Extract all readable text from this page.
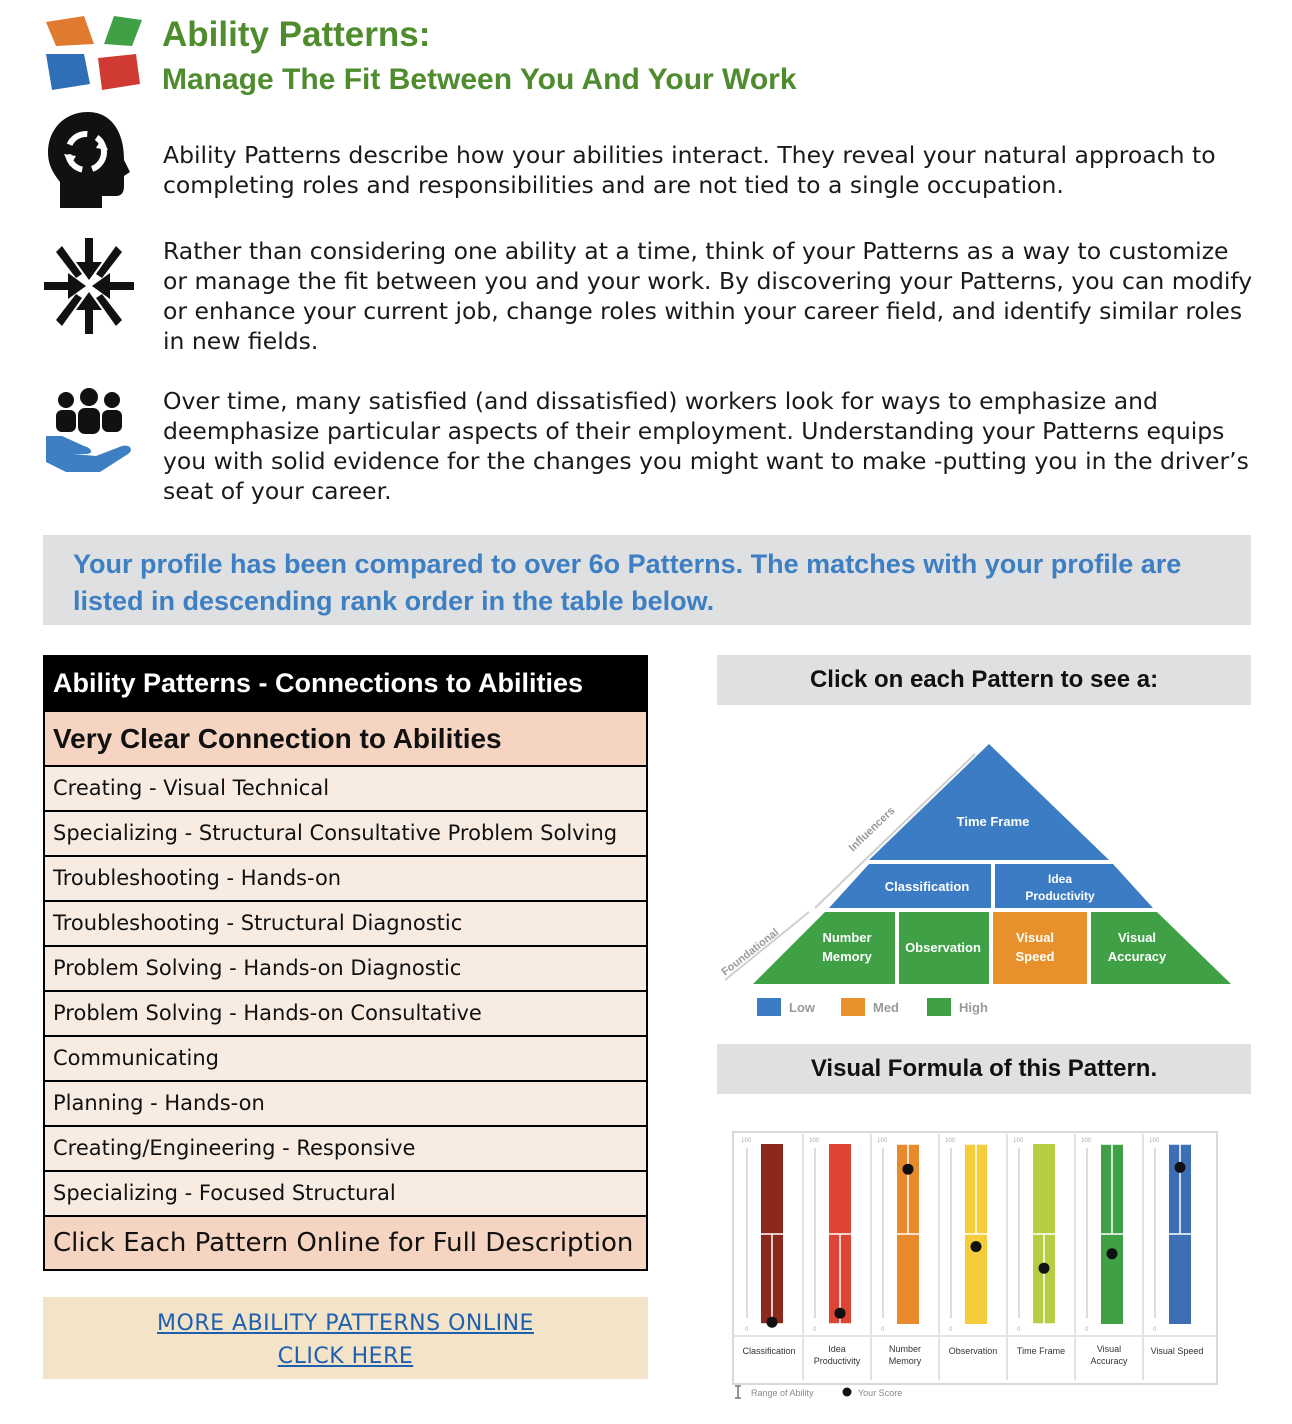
Ability Patterns:
Manage The Fit Between You And Your Work
Ability Patterns describe how your abilities interact. They reveal your natural approach to completing roles and responsibilities and are not tied to a single occupation.
Rather than considering one ability at a time, think of your Patterns as a way to customize or manage the fit between you and your work. By discovering your Patterns, you can modify or enhance your current job, change roles within your career field, and identify similar roles in new fields.
Over time, many satisfied (and dissatisfied) workers look for ways to emphasize and deemphasize particular aspects of their employment. Understanding your Patterns equips you with solid evidence for the changes you might want to make -putting you in the driver’s seat of your career.
Your profile has been compared to over 6o Patterns. The matches with your profile are listed in descending rank order in the table below.
Ability Patterns - Connections to Abilities
Very Clear Connection to Abilities
Creating - Visual Technical
Specializing - Structural Consultative Problem Solving
Troubleshooting - Hands-on
Troubleshooting - Structural Diagnostic
Problem Solving - Hands-on Diagnostic
Problem Solving - Hands-on Consultative
Communicating
Planning - Hands-on
Creating/Engineering - Responsive
Specializing - Focused Structural
Click Each Pattern Online for Full Description
MORE ABILITY PATTERNS ONLINE
CLICK HERE
Click on each Pattern to see a:
Time Frame
Classification	Idea Productivity
Number Memory
Observation
Visual Speed
Visual Accuracy
Influencers
Foundational
Low	Med	High
Visual Formula of this Pattern.
100
0
Classification
100
0
Idea Productivity
100
0
Number Memory
100
0
Observation
100
0
Time Frame
100
0
Visual Accuracy
100
0
Visual Speed
Range of Ability	Your Score
